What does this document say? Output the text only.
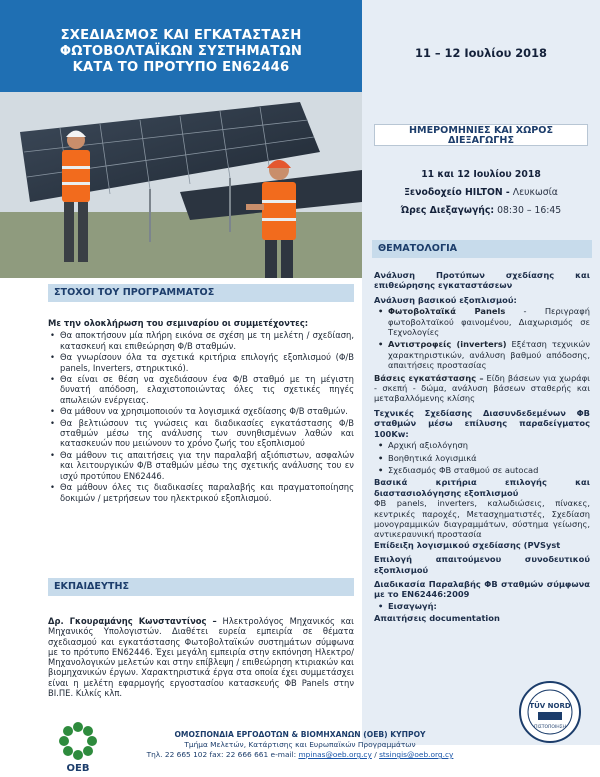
ΣΧΕΔΙΑΣΜΟΣ ΚΑΙ ΕΓΚΑΤΑΣΤΑΣΗ
ΦΩΤΟΒΟΛΤΑΪΚΩΝ ΣΥΣΤΗΜΑΤΩΝ
ΚΑΤΑ ΤΟ ΠΡΟΤΥΠΟ ΕΝ62446
11 – 12 Ιουλίου 2018
ΗΜΕΡΟΜΗΝΙΕΣ ΚΑΙ ΧΩΡΟΣ
ΔΙΕΞΑΓΩΓΗΣ
11 και 12 Ιουλίου 2018
Ξενοδοχείο HILTON - Λευκωσία
Ώρες Διεξαγωγής: 08:30 – 16:45
ΘΕΜΑΤΟΛΟΓΙΑ

Ανάλυση Προτύπων σχεδίασης και επιθεώρησης εγκαταστάσεων

Ανάλυση βασικού εξοπλισμού:

• Φωτοβολταϊκά Panels - Περιγραφή φωτοβολταϊκού φαινομένου, Διαχωρισμός σε Τεχνολογίες
• Αντιστροφείς (inverters) Εξέταση τεχνικών χαρακτηριστικών, ανάλυση βαθμού απόδοσης, απαιτήσεις προστασίας

Βάσεις εγκατάστασης – Είδη βάσεων για χωράφι - σκεπή - δώμα, ανάλυση βάσεων σταθερής και μεταβαλλόμενης κλίσης

Τεχνικές Σχεδίασης Διασυνδεδεμένων ΦΒ σταθμών μέσω επίλυσης παραδείγματος 100Kw:

• Αρχική αξιολόγηση
• Βοηθητικά λογισμικά
• Σχεδιασμός ΦΒ σταθμού σε autocad

Βασικά κριτήρια επιλογής και διαστασιολόγησης εξοπλισμού

ΦΒ panels, inverters, καλωδιώσεις, πίνακες, κεντρικές παροχές, Μετασχηματιστές, Σχεδίαση μονογραμμικών διαγραμμάτων, σύστημα γείωσης, αντικεραυνική προστασία

Επίδειξη λογισμικού σχεδίασης (PVSyst

Επιλογή απαιτούμενου συνοδευτικού εξοπλισμού

Διαδικασία Παραλαβής ΦΒ σταθμών σύμφωνα με το ΕΝ62446:2009

• Εισαγωγή:

Απαιτήσεις documentation

ΣΤΟΧΟΙ ΤΟΥ ΠΡΟΓΡΑΜΜΑΤΟΣ
Με την ολοκλήρωση του σεμιναρίου οι συμμετέχοντες:
• Θα αποκτήσουν μία πλήρη εικόνα σε σχέση με τη μελέτη / σχεδίαση, κατασκευή και επιθεώρηση Φ/Β σταθμών.
• Θα γνωρίσουν όλα τα σχετικά κριτήρια επιλογής εξοπλισμού (Φ/Β panels, Inverters, στηρικτικό).
• Θα είναι σε θέση να σχεδιάσουν ένα Φ/Β σταθμό με τη μέγιστη δυνατή απόδοση, ελαχιστοποιώντας όλες τις σχετικές πηγές απωλειών ενέργειας.
• Θα μάθουν να χρησιμοποιούν τα λογισμικά σχεδίασης Φ/Β σταθμών.
• Θα βελτιώσουν τις γνώσεις και διαδικασίες εγκατάστασης Φ/Β σταθμών μέσω της ανάλυσης των συνηθισμένων λαθών και κατασκευών που μειώνουν το χρόνο ζωής του εξοπλισμού
• Θα μάθουν τις απαιτήσεις για την παραλαβή αξιόπιστων, ασφαλών και λειτουργικών Φ/Β σταθμών μέσω της σχετικής ανάλυσης του εν ισχύ προτύπου ΕΝ62446.
• Θα μάθουν όλες τις διαδικασίες παραλαβής και πραγματοποίησης δοκιμών / μετρήσεων του ηλεκτρικού εξοπλισμού.
ΕΚΠΑΙΔΕΥΤΗΣ
Δρ. Γκουραμάνης Κωνσταντίνος – Ηλεκτρολόγος Μηχανικός και Μηχανικός Υπολογιστών. Διαθέτει ευρεία εμπειρία σε θέματα σχεδιασμού και εγκατάστασης Φωτοβολταϊκών συστημάτων σύμφωνα με το πρότυπο ΕΝ62446. Έχει μεγάλη εμπειρία στην εκπόνηση Ηλεκτρο/Μηχανολογικών μελετών και στην επίβλεψη / επιθεώρηση κτιριακών και βιομηχανικών έργων. Χαρακτηριστικά έργα στα οποία έχει συμμετάσχει είναι η μελέτη εφαρμογής εργοστασίου κατασκευής ΦΒ Panels στην ΒΙ.ΠΕ. Κιλκίς κλπ.
ΟΕΒ
TÜV NORD
ΠΙΣΤΟΠΟΙΗΣΗ
ΟΜΟΣΠΟΝΔΙΑ ΕΡΓΟΔΟΤΩΝ & ΒΙΟΜΗΧΑΝΩΝ (ΟΕΒ) ΚΥΠΡΟΥ
Τμήμα Μελετών, Κατάρτισης και Ευρωπαϊκών Προγραμμάτων
Τηλ. 22 665 102 fax: 22 666 661 e-mail: mpinas@oeb.org.cy / stsingis@oeb.org.cy
